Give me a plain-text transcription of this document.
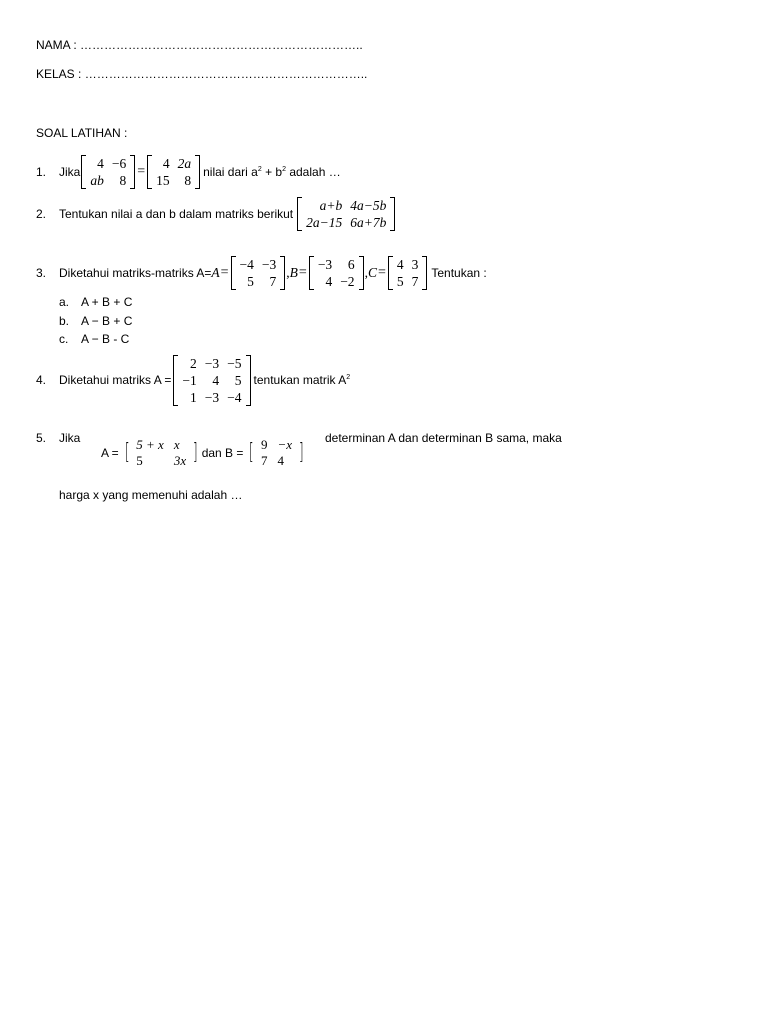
NAMA : ……………………………………………………………..
KELAS : ……………………………………………………………..
SOAL LATIHAN :
1.	Jika
4	−6
ab	8
=
4	2a
15	8
nilai dari $a^2 + b^2$ adalah …
2.	Tentukan nilai a dan b dalam matriks berikut
a+b	4a−5b
2a−15	6a+7b
3.	Diketahui matriks-matriks A= A =
−4	−3
5	7
, B =
−3	6
4	−2
, C =
4	3
5	7
Tentukan :
a. A + B + C
b. A − B + C
c. A − B - C
4.	Diketahui matriks A =
2	−3	−5
−1	4	5
1	−3	−4
tentukan matrik $A^2$
5. Jika
A = [ 5 + x	x
5	3x ] dan B = [ 9	−x
7	4 ]
determinan A dan determinan B sama, maka
harga x yang memenuhi adalah …
